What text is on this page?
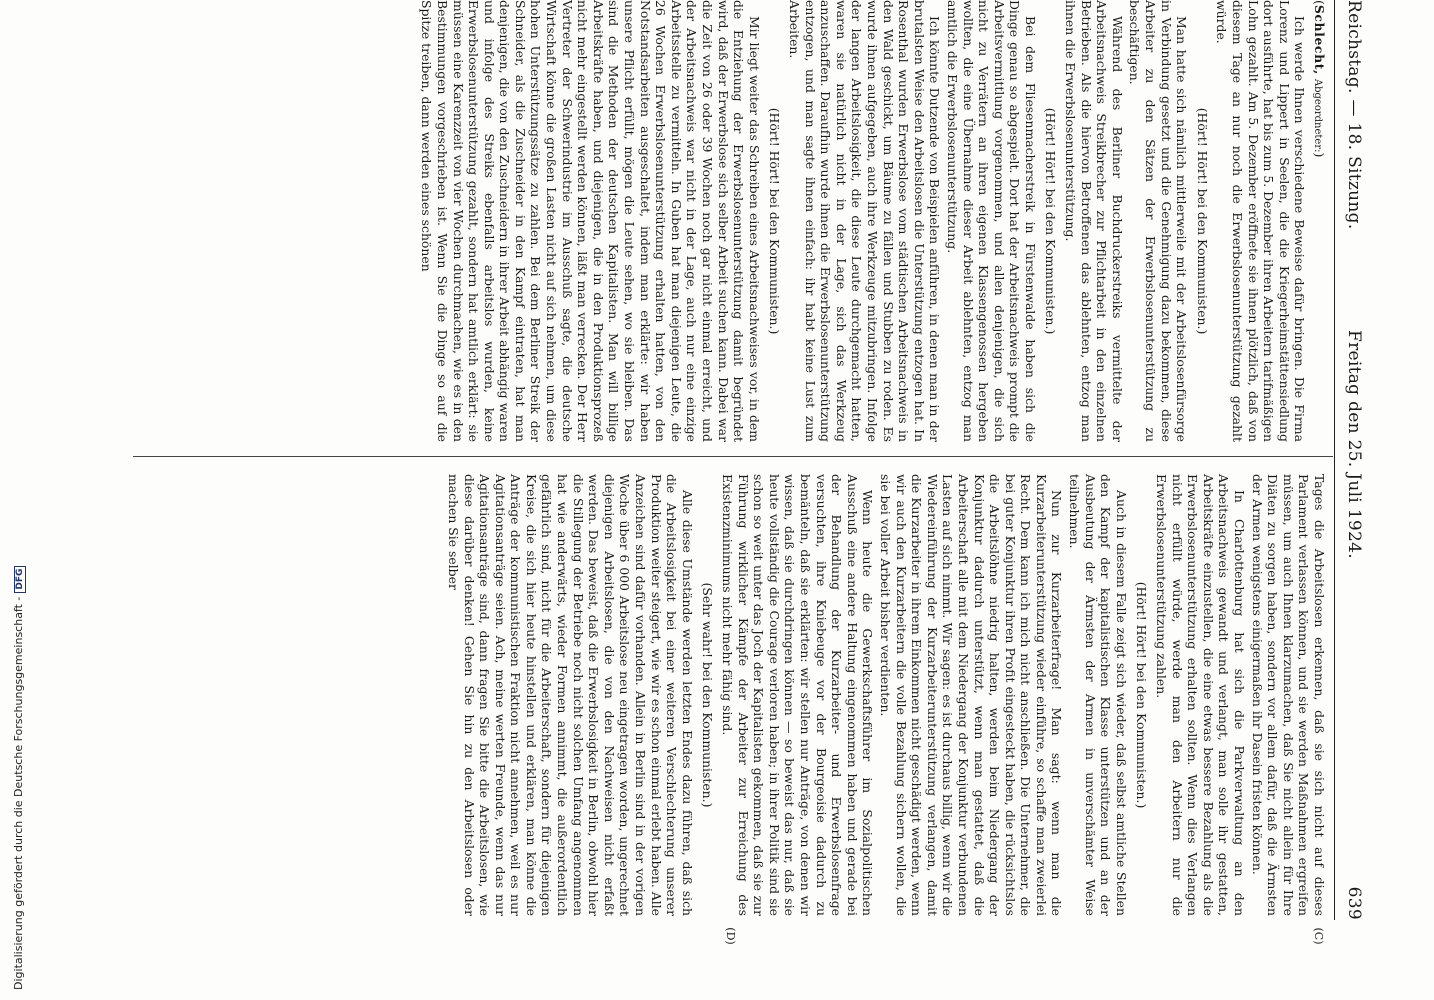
Reichstag. — 18. Sitzung.
Freitag den 25. Juli 1924.
639
(C)
(D)

(Schlecht, Abgeordneter:)

Ich werde Ihnen verschiedene Beweise dafür bringen. Die Firma Lorenz und Lippert in Seelen, die die Kriegerheimstättensiedlung dort ausführte, hat bis zum 5. Dezember ihren Arbeitern tarifmäßigen Lohn gezahlt. Am 5. Dezember eröffnete sie ihnen plötzlich, daß von diesem Tage an nur noch die Erwerbslosenunterstützung gezahlt würde.

(Hört! Hört! bei den Kommunisten.)

Man hatte sich nämlich mittlerweile mit der Arbeitslosenfürsorge in Verbindung gesetzt und die Genehmigung dazu bekommen, diese Arbeiter zu den Sätzen der Erwerbslosenunterstützung zu beschäftigen.

Während des Berliner Buchdruckerstreiks vermittelte der Arbeitsnachweis Streikbrecher zur Pflichtarbeit in den einzelnen Betrieben. Als die hiervon Betroffenen das ablehnten, entzog man ihnen die Erwerbslosenunterstützung.

(Hört! Hört! bei den Kommunisten.)

Bei dem Fliesenmacherstreik in Fürstenwalde haben sich die Dinge genau so abgespielt. Dort hat der Arbeitsnachweis prompt die Arbeitsvermittlung vorgenommen, und allen denjenigen, die sich nicht zu Verrätern an ihren eigenen Klassengenossen hergeben wollten, die eine Übernahme dieser Arbeit ablehnten, entzog man amtlich die Erwerbslosenunterstützung.

Ich könnte Dutzende von Beispielen anführen, in denen man in der brutalsten Weise den Arbeitslosen die Unterstützung entzogen hat. In Rosenthal wurden Erwerbslose vom städtischen Arbeitsnachweis in den Wald geschickt, um Bäume zu fällen und Stubben zu roden. Es wurde ihnen aufgegeben, auch ihre Werkzeuge mitzubringen. Infolge der langen Arbeitslosigkeit, die diese Leute durchgemacht hatten, waren sie natürlich nicht in der Lage, sich das Werkzeug anzuschaffen. Daraufhin wurde ihnen die Erwerbslosenunterstützung entzogen, und man sagte ihnen einfach: ihr habt keine Lust zum Arbeiten.

(Hört! Hört! bei den Kommunisten.)

Mir liegt weiter das Schreiben eines Arbeitsnachweises vor, in dem die Entziehung der Erwerbslosenunterstützung damit begründet wird, daß der Erwerbslose sich selber Arbeit suchen kann. Dabei war die Zeit von 26 oder 39 Wochen noch gar nicht einmal erreicht, und der Arbeitsnachweis war nicht in der Lage, auch nur eine einzige Arbeitsstelle zu vermitteln. In Guben hat man diejenigen Leute, die 26 Wochen Erwerbslosenunterstützung erhalten hatten, von den Notstandsarbeiten ausgeschaltet, indem man erklärte: wir haben unsere Pflicht erfüllt, mögen die Leute sehen, wo sie bleiben. Das sind die Methoden der deutschen Kapitalisten. Man will billige Arbeitskräfte haben, und diejenigen, die in den Produktionsprozeß nicht mehr eingestellt werden können, läßt man verrecken. Der Herr Vertreter der Schwerindustrie im Ausschuß sagte, die deutsche Wirtschaft könne die großen Lasten nicht auf sich nehmen, um diese hohen Unterstützungssätze zu zahlen. Bei dem Berliner Streik der Schneider, als die Zuschneider in den Kampf eintraten, hat man denjenigen, die von den Zuschneidern in ihrer Arbeit abhängig waren und infolge des Streiks ebenfalls arbeitslos wurden, keine Erwerbslosenunterstützung gezahlt, sondern hat amtlich erklärt: sie müssen eine Karenzzeit von vier Wochen durchmachen, wie es in den Bestimmungen vorgeschrieben ist. Wenn Sie die Dinge so auf die Spitze treiben, dann werden eines schönen

Tages die Arbeitslosen erkennen, daß sie sich nicht auf dieses Parlament verlassen können, und sie werden Maßnahmen ergreifen müssen, um auch Ihnen klarzumachen, daß Sie nicht allein für Ihre Diäten zu sorgen haben, sondern vor allem dafür, daß die Ärmsten der Armen wenigstens einigermaßen ihr Dasein fristen können.

In Charlottenburg hat sich die Parkverwaltung an den Arbeitsnachweis gewandt und verlangt, man solle ihr gestatten, Arbeitskräfte einzustellen, die eine etwas bessere Bezahlung als die Erwerbslosenunterstützung erhalten sollten. Wenn dies Verlangen nicht erfüllt würde, werde man den Arbeitern nur die Erwerbslosenunterstützung zahlen.

(Hört! Hört! bei den Kommunisten.)

Auch in diesem Falle zeigt sich wieder, daß selbst amtliche Stellen den Kampf der kapitalistischen Klasse unterstützen und an der Ausbeutung der Ärmsten der Armen in unverschämter Weise teilnehmen.

Nun zur Kurzarbeiterfrage! Man sagt: wenn man die Kurzarbeiterunterstützung wieder einführe, so schaffe man zweierlei Recht. Dem kann ich mich nicht anschließen. Die Unternehmer, die bei guter Konjunktur ihren Profit eingesteckt haben, die rücksichtslos die Arbeitslöhne niedrig halten, werden beim Niedergang der Konjunktur dadurch unterstützt, wenn man gestattet, daß die Arbeiterschaft alle mit dem Niedergang der Konjunktur verbundenen Lasten auf sich nimmt. Wir sagen: es ist durchaus billig, wenn wir die Wiedereinführung der Kurzarbeiterunterstützung verlangen, damit die Kurzarbeiter in ihrem Einkommen nicht geschädigt werden, wenn wir auch den Kurzarbeitern die volle Bezahlung sichern wollen, die sie bei voller Arbeit bisher verdienten.

Wenn heute die Gewerkschaftsführer im Sozialpolitischen Ausschuß eine andere Haltung eingenommen haben und gerade bei der Behandlung der Kurzarbeiter- und Erwerbslosenfrage versuchten, ihre Kniebeuge vor der Bourgeoisie dadurch zu bemänteln, daß sie erklärten: wir stellen nur Anträge, von denen wir wissen, daß sie durchdringen können — so beweist das nur, daß sie heute vollständig die Courage verloren haben; in ihrer Politik sind sie schon so weit unter das Joch der Kapitalisten gekommen, daß sie zur Führung wirklicher Kämpfe der Arbeiter zur Erreichung des Existenzminimums nicht mehr fähig sind.

(Sehr wahr! bei den Kommunisten.)

Alle diese Umstände werden letzten Endes dazu führen, daß sich die Arbeitslosigkeit bei einer weiteren Verschlechterung unserer Produktion weiter steigert, wie wir es schon einmal erlebt haben. Alle Anzeichen sind dafür vorhanden. Allein in Berlin sind in der vorigen Woche über 6 000 Arbeitslose neu eingetragen worden, ungerechnet diejenigen Arbeitslosen, die von den Nachweisen nicht erfaßt werden. Das beweist, daß die Erwerbslosigkeit in Berlin, obwohl hier die Stillegung der Betriebe noch nicht solchen Umfang angenommen hat wie anderwärts, wieder Formen annimmt, die außerordentlich gefährlich sind, nicht für die Arbeiterschaft, sondern für diejenigen Kreise, die sich hier heute hinstellen und erklären, man könne die Anträge der kommunistischen Fraktion nicht annehmen, weil es nur Agitationsanträge seien. Ach, meine werten Freunde, wenn das nur Agitationsanträge sind, dann fragen Sie bitte die Arbeitslosen, wie diese darüber denken! Gehen Sie hin zu den Arbeitslosen oder machen Sie selber

Digitalisierung gefördert durch die Deutsche Forschungsgemeinschaft -DFG
